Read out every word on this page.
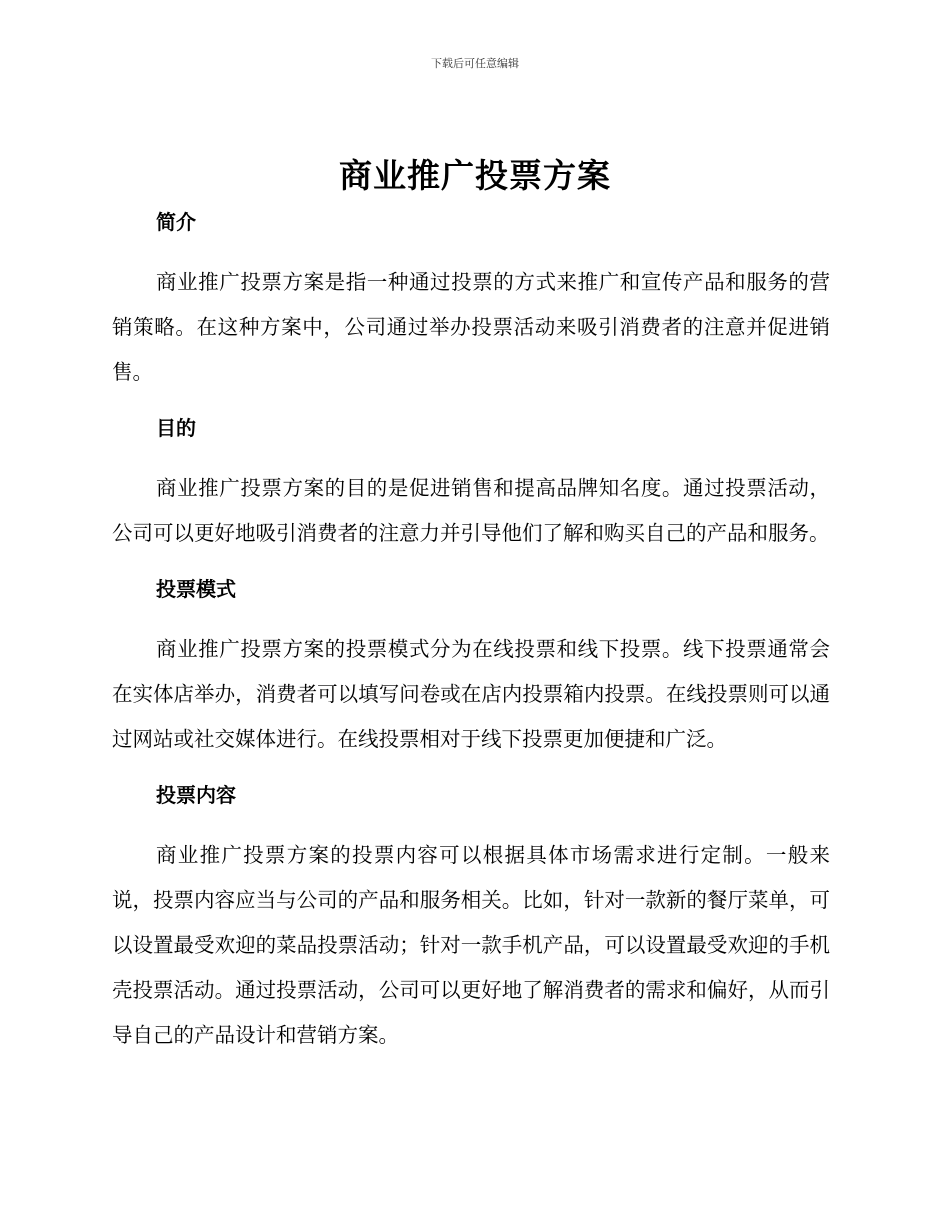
下载后可任意编辑
商业推广投票方案
简介

商业推广投票方案是指一种通过投票的方式来推广和宣传产品和服务的营销策略。在这种方案中，公司通过举办投票活动来吸引消费者的注意并促进销售。

目的

商业推广投票方案的目的是促进销售和提高品牌知名度。通过投票活动，公司可以更好地吸引消费者的注意力并引导他们了解和购买自己的产品和服务。

投票模式

商业推广投票方案的投票模式分为在线投票和线下投票。线下投票通常会在实体店举办，消费者可以填写问卷或在店内投票箱内投票。在线投票则可以通过网站或社交媒体进行。在线投票相对于线下投票更加便捷和广泛。

投票内容

商业推广投票方案的投票内容可以根据具体市场需求进行定制。一般来说，投票内容应当与公司的产品和服务相关。比如，针对一款新的餐厅菜单，可以设置最受欢迎的菜品投票活动；针对一款手机产品，可以设置最受欢迎的手机壳投票活动。通过投票活动，公司可以更好地了解消费者的需求和偏好，从而引导自己的产品设计和营销方案。
